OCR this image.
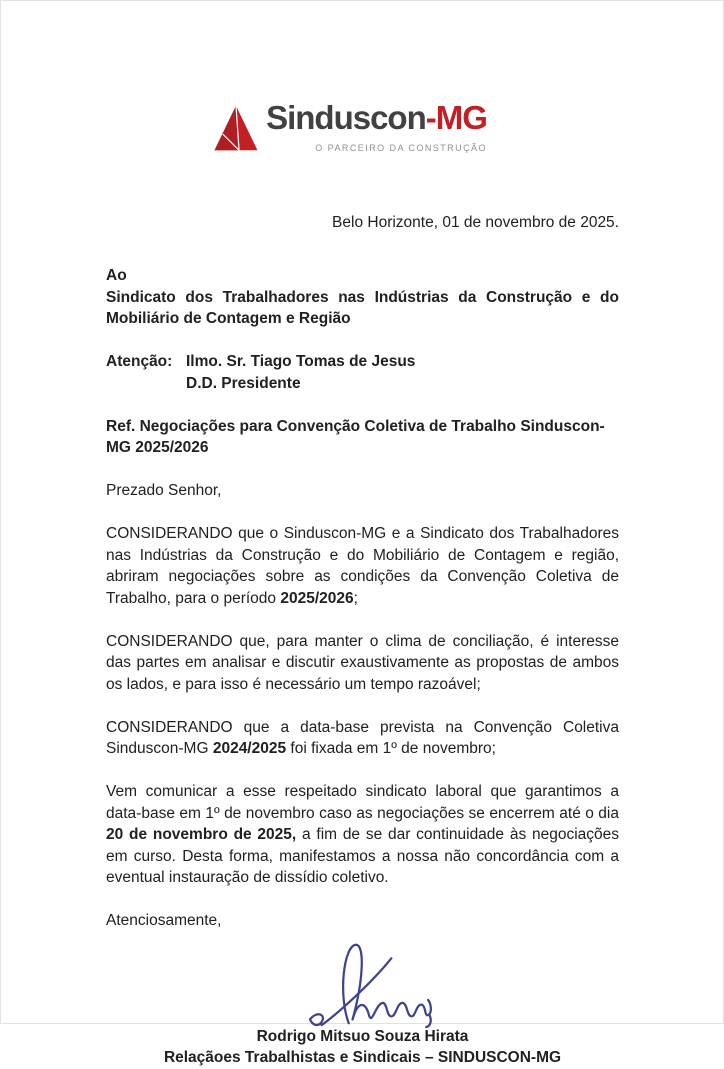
Sinduscon-MG
O PARCEIRO DA CONSTRUÇÃO
Belo Horizonte, 01 de novembro de 2025.
Ao
Sindicato dos Trabalhadores nas Indústrias da Construção e do Mobiliário de Contagem e Região
Atenção: Ilmo. Sr. Tiago Tomas de Jesus
D.D. Presidente
Ref. Negociações para Convenção Coletiva de Trabalho Sinduscon-MG 2025/2026
Prezado Senhor,
CONSIDERANDO que o Sinduscon-MG e a Sindicato dos Trabalhadores nas Indústrias da Construção e do Mobiliário de Contagem e região, abriram negociações sobre as condições da Convenção Coletiva de Trabalho, para o período 2025/2026;
CONSIDERANDO que, para manter o clima de conciliação, é interesse das partes em analisar e discutir exaustivamente as propostas de ambos os lados, e para isso é necessário um tempo razoável;
CONSIDERANDO que a data-base prevista na Convenção Coletiva Sinduscon-MG 2024/2025 foi fixada em 1º de novembro;
Vem comunicar a esse respeitado sindicato laboral que garantimos a data-base em 1º de novembro caso as negociações se encerrem até o dia 20 de novembro de 2025, a fim de se dar continuidade às negociações em curso. Desta forma, manifestamos a nossa não concordância com a eventual instauração de dissídio coletivo.
Atenciosamente,
Rodrigo Mitsuo Souza Hirata
Relaçãoes Trabalhistas e Sindicais – SINDUSCON-MG
